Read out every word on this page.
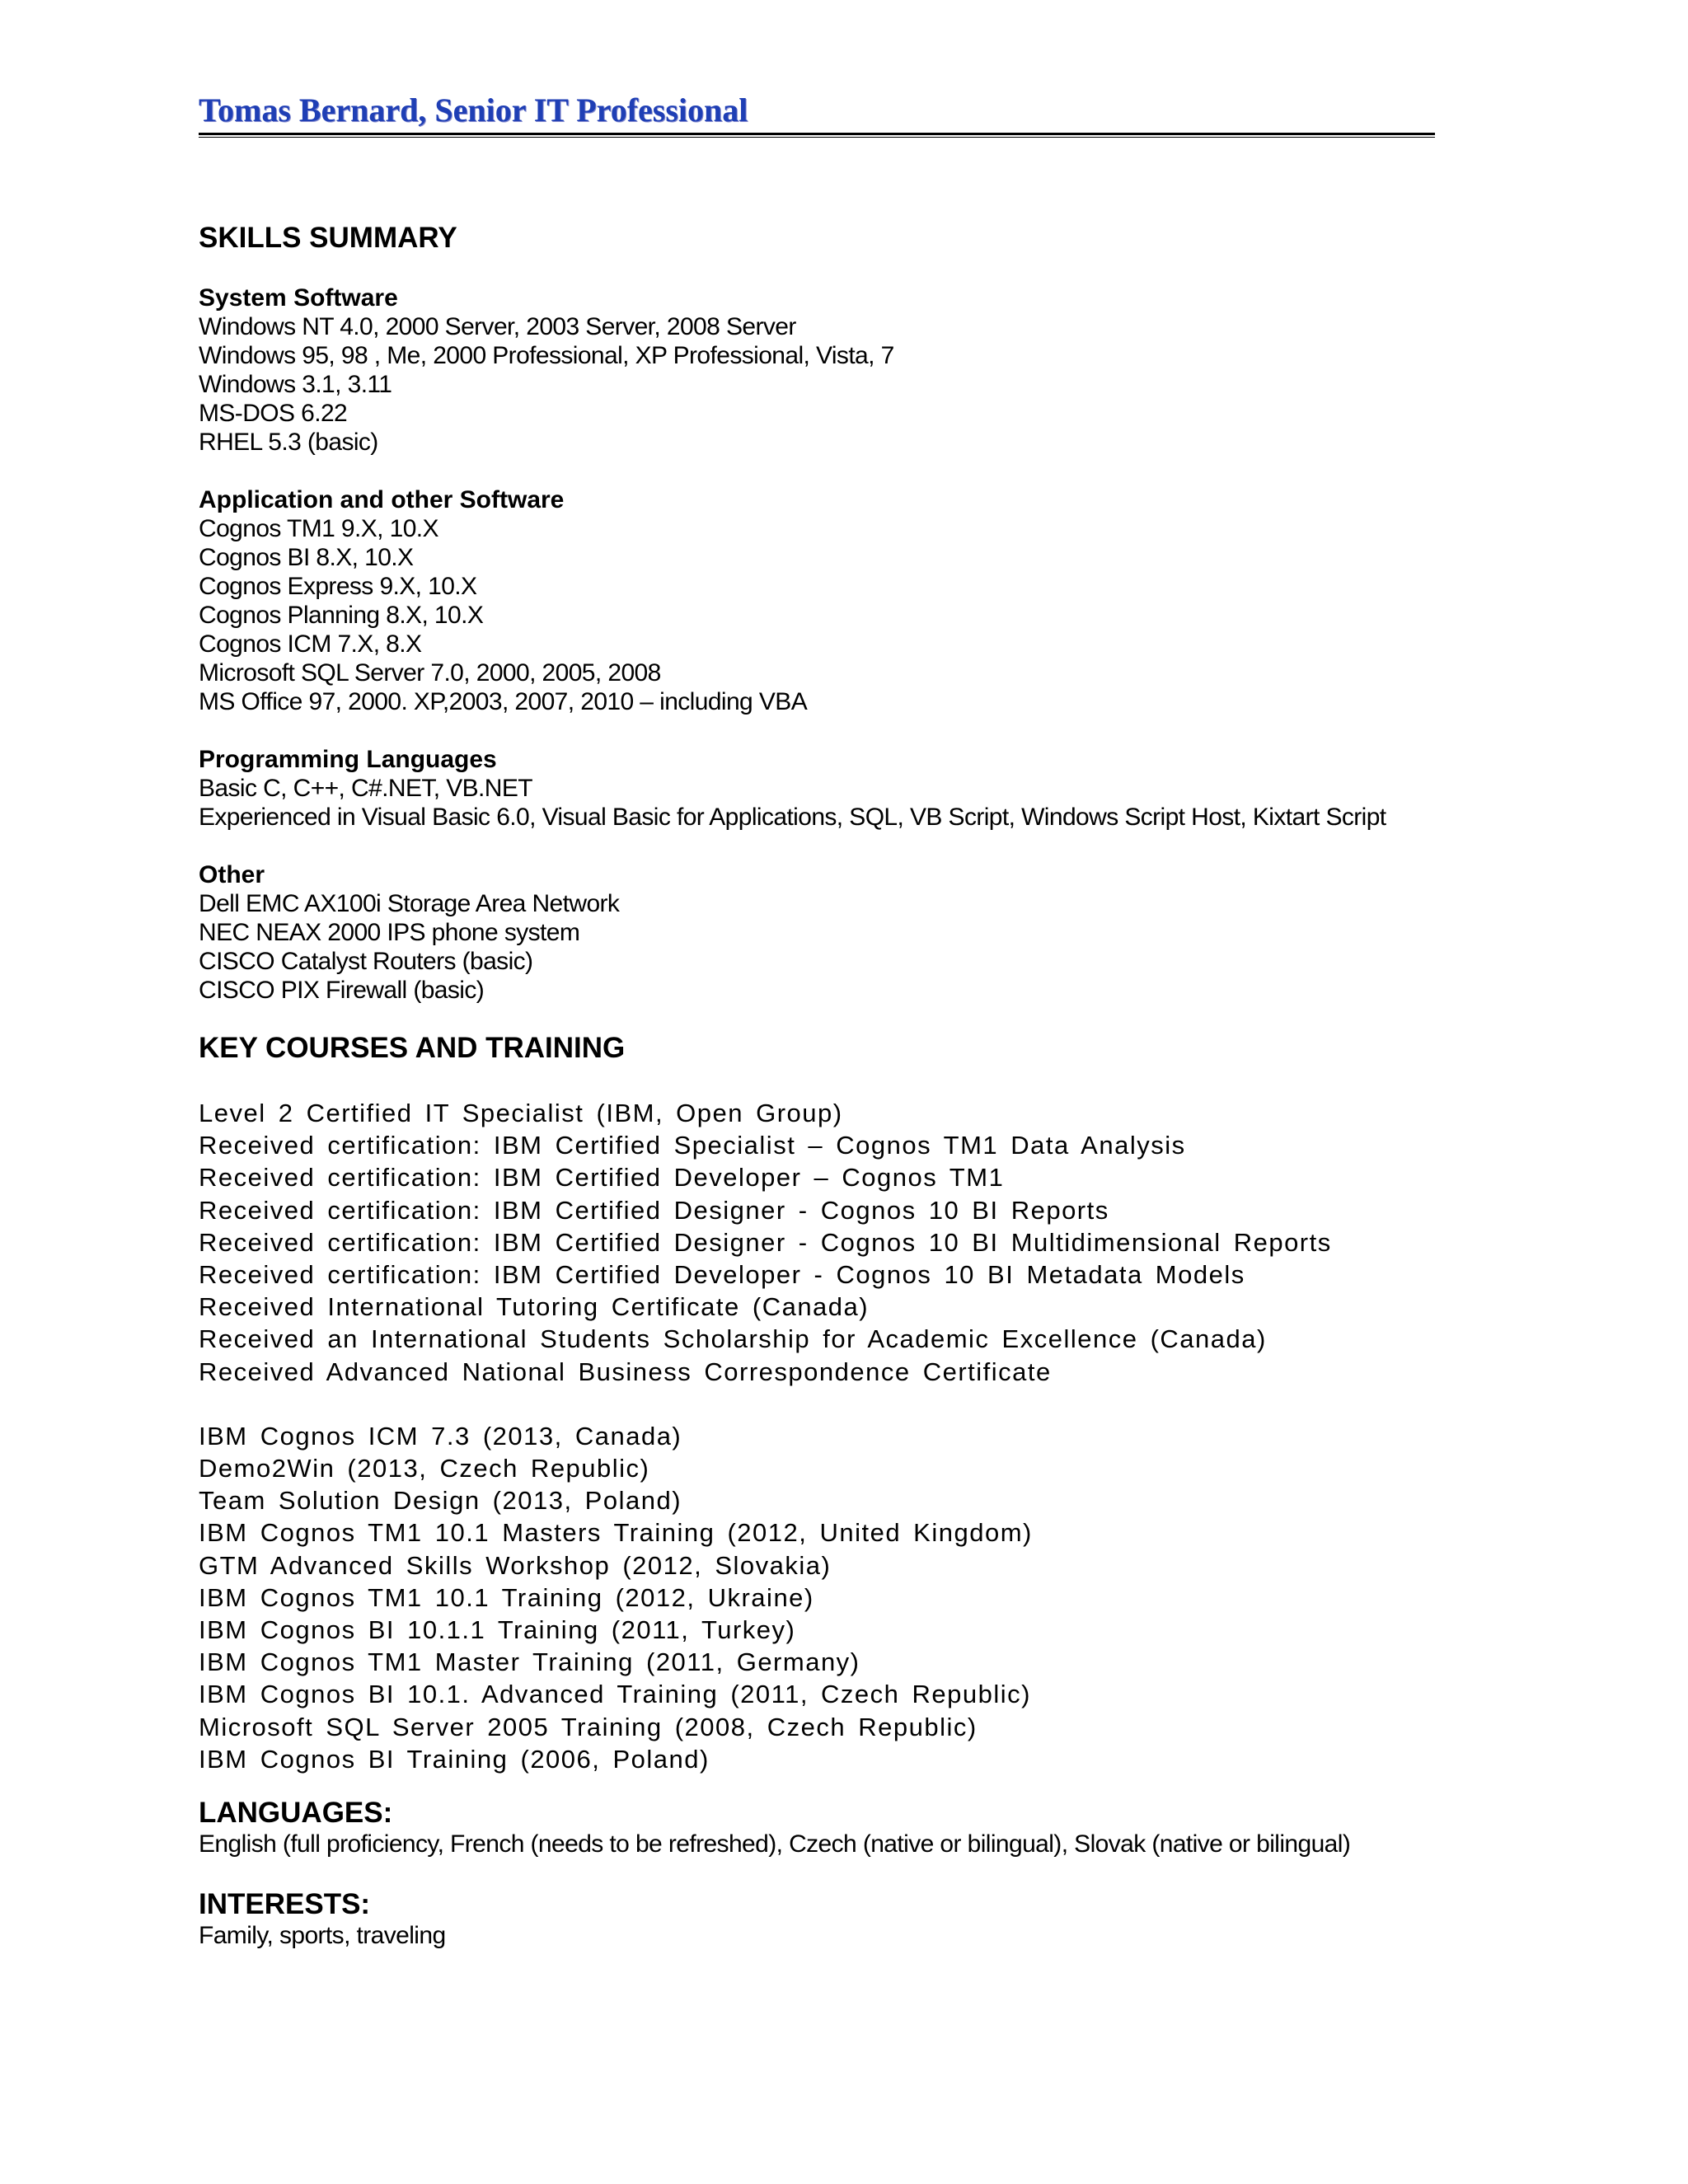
Tomas Bernard, Senior IT Professional
SKILLS SUMMARY
System Software
Windows NT 4.0, 2000 Server, 2003 Server, 2008 Server
Windows 95, 98 , Me, 2000 Professional, XP Professional, Vista, 7
Windows 3.1, 3.11
MS-DOS 6.22
RHEL 5.3 (basic)
Application and other Software
Cognos TM1 9.X, 10.X
Cognos BI 8.X, 10.X
Cognos Express 9.X, 10.X
Cognos Planning 8.X, 10.X
Cognos ICM 7.X, 8.X
Microsoft SQL Server 7.0, 2000, 2005, 2008
MS Office 97, 2000. XP,2003, 2007, 2010 – including VBA
Programming Languages
Basic C, C++, C#.NET, VB.NET
Experienced in Visual Basic 6.0, Visual Basic for Applications, SQL, VB Script, Windows Script Host, Kixtart Script
Other
Dell EMC AX100i Storage Area Network
NEC NEAX 2000 IPS phone system
CISCO Catalyst Routers (basic)
CISCO PIX Firewall (basic)
KEY COURSES AND TRAINING
Level 2 Certified IT Specialist (IBM, Open Group)
Received certification: IBM Certified Specialist – Cognos TM1 Data Analysis
Received certification: IBM Certified Developer – Cognos TM1
Received certification: IBM Certified Designer - Cognos 10 BI Reports
Received certification: IBM Certified Designer - Cognos 10 BI Multidimensional Reports
Received certification: IBM Certified Developer - Cognos 10 BI Metadata Models
Received International Tutoring Certificate (Canada)
Received an International Students Scholarship for Academic Excellence (Canada)
Received Advanced National Business Correspondence Certificate
IBM Cognos ICM 7.3 (2013, Canada)
Demo2Win (2013, Czech Republic)
Team Solution Design (2013, Poland)
IBM Cognos TM1 10.1 Masters Training (2012, United Kingdom)
GTM Advanced Skills Workshop (2012, Slovakia)
IBM Cognos TM1 10.1 Training (2012, Ukraine)
IBM Cognos BI 10.1.1 Training (2011, Turkey)
IBM Cognos TM1 Master Training (2011, Germany)
IBM Cognos BI 10.1. Advanced Training (2011, Czech Republic)
Microsoft SQL Server 2005 Training (2008, Czech Republic)
IBM Cognos BI Training (2006, Poland)
LANGUAGES:
English (full proficiency, French (needs to be refreshed), Czech (native or bilingual), Slovak (native or bilingual)
INTERESTS:
Family, sports, traveling
